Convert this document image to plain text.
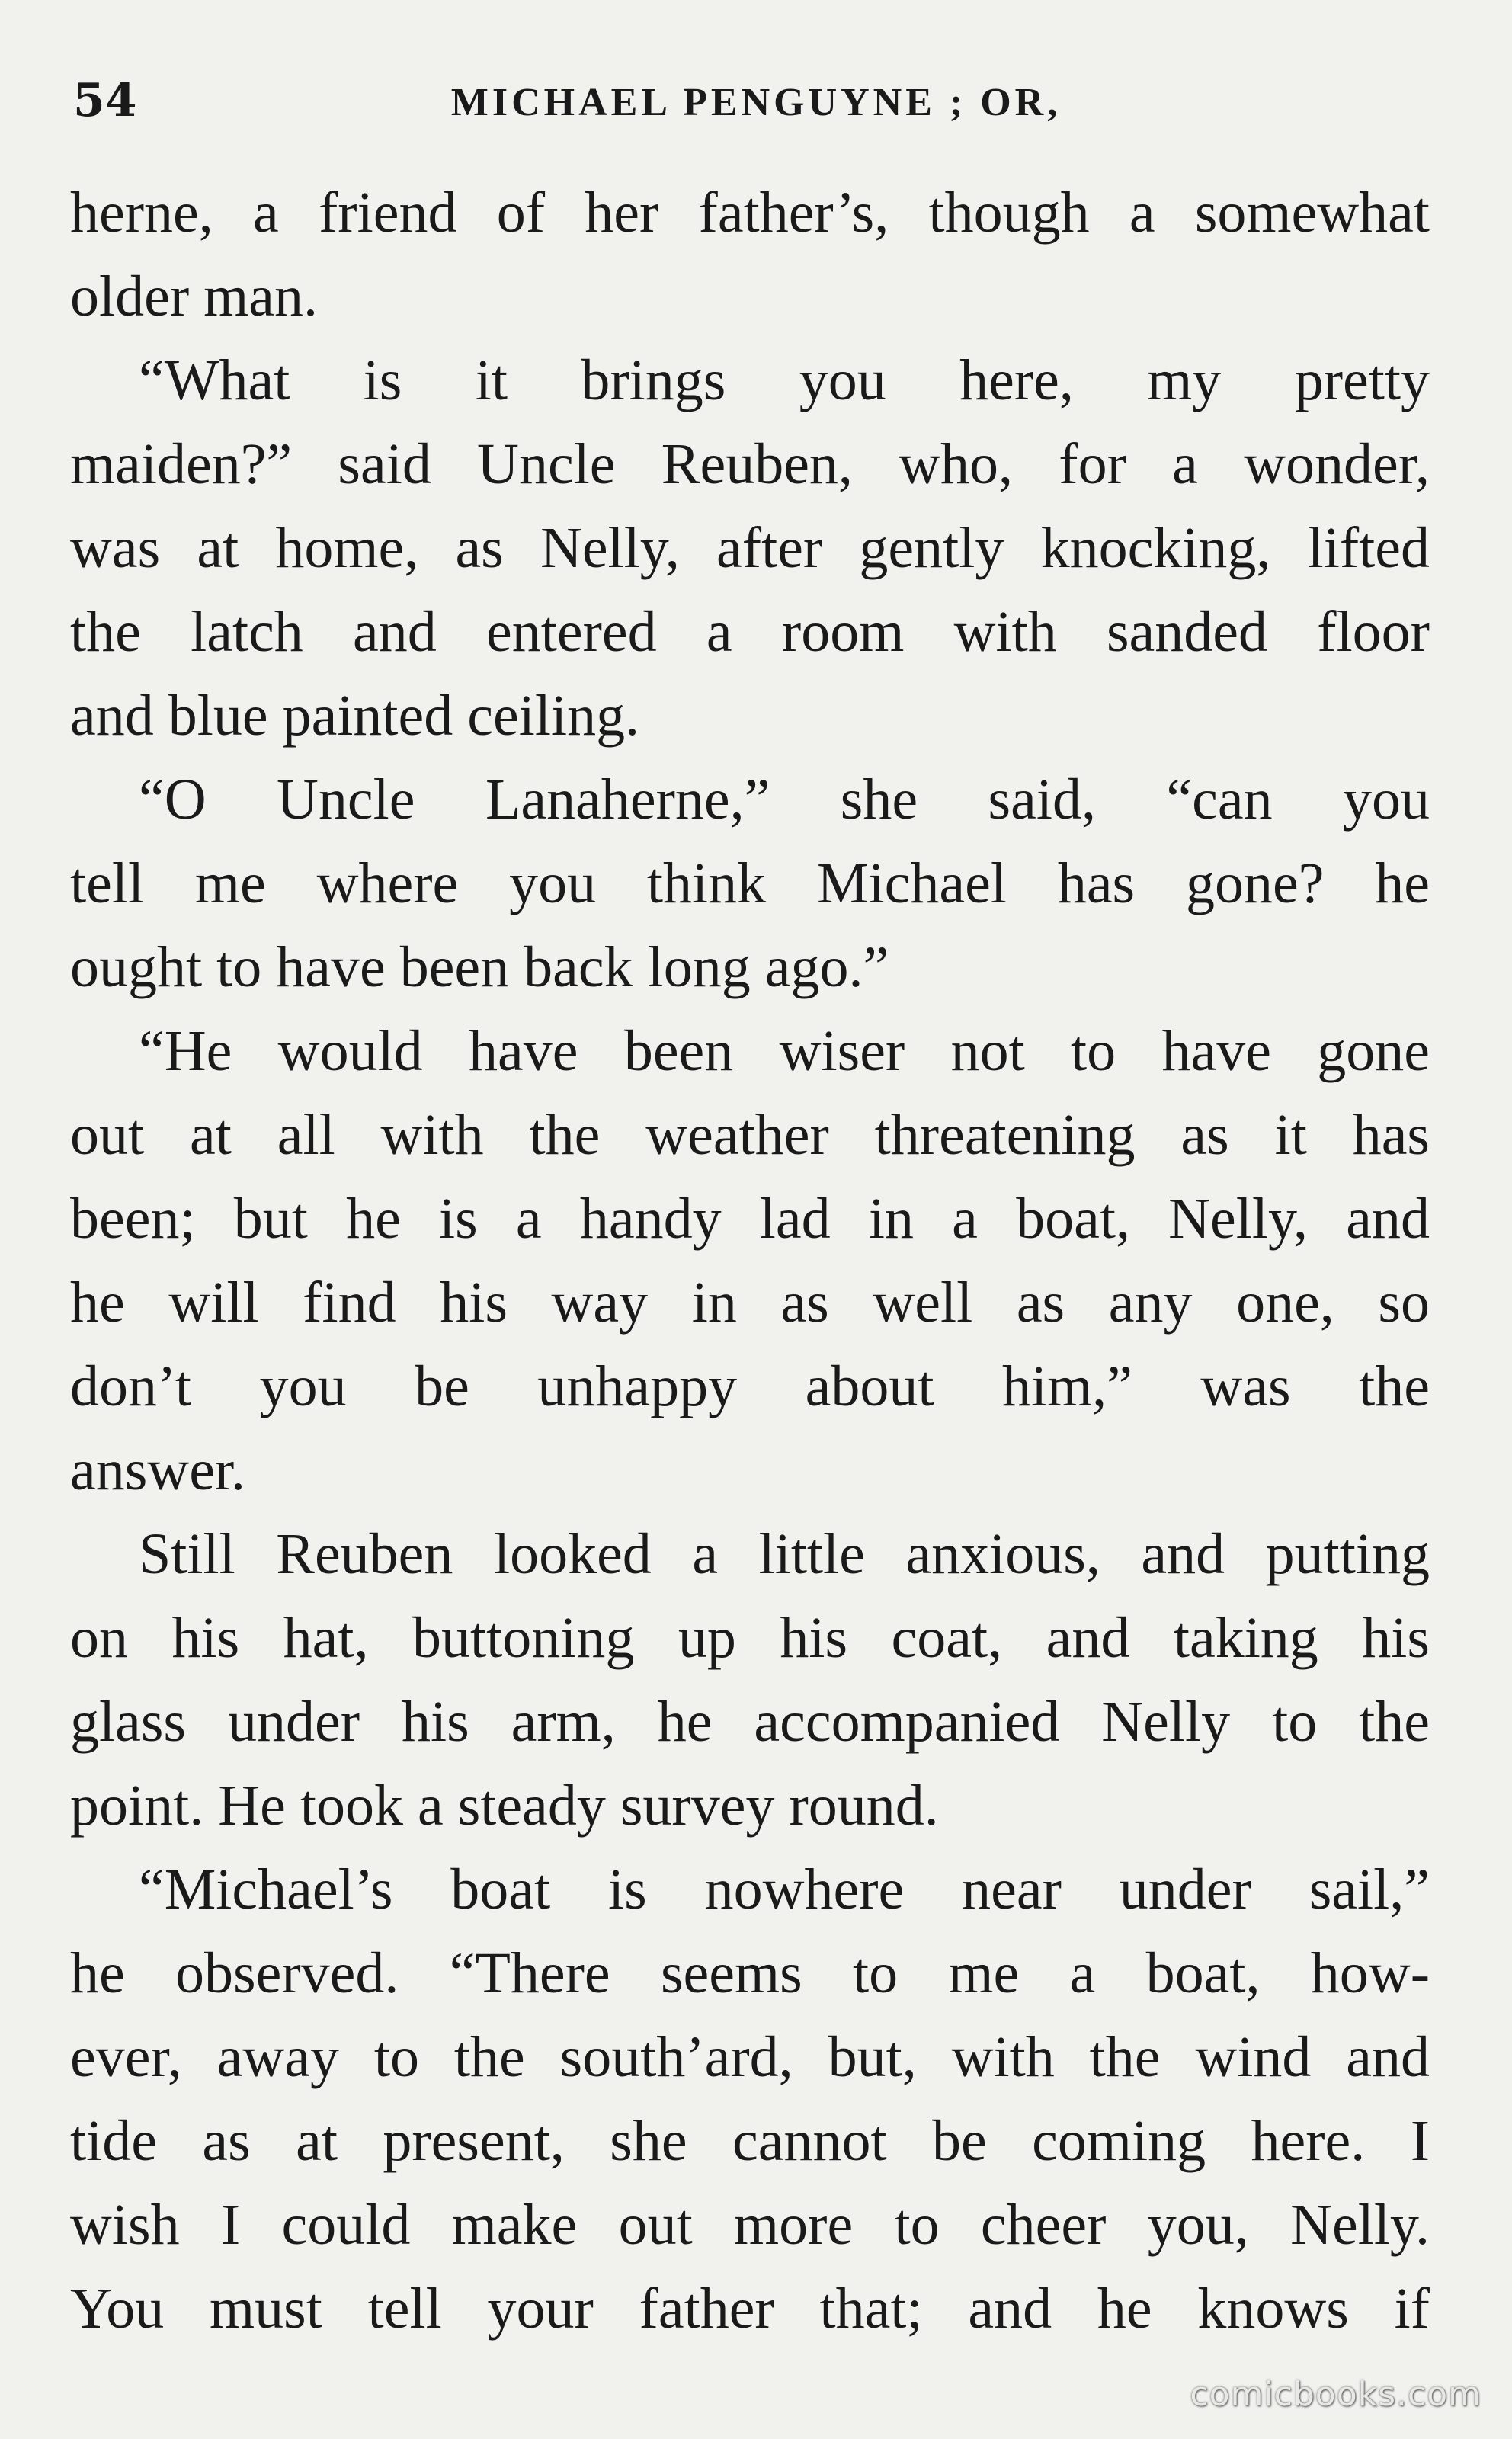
54	MICHAEL PENGUYNE ; OR,
herne, a friend of her father’s, though a somewhat
older man.
“What is it brings you here, my pretty
maiden?” said Uncle Reuben, who, for a wonder,
was at home, as Nelly, after gently knocking, lifted
the latch and entered a room with sanded floor
and blue painted ceiling.
“O Uncle Lanaherne,” she said, “can you
tell me where you think Michael has gone? he
ought to have been back long ago.”
“He would have been wiser not to have gone
out at all with the weather threatening as it has
been; but he is a handy lad in a boat, Nelly, and
he will find his way in as well as any one, so
don’t you be unhappy about him,” was the
answer.
Still Reuben looked a little anxious, and putting
on his hat, buttoning up his coat, and taking his
glass under his arm, he accompanied Nelly to the
point. He took a steady survey round.
“Michael’s boat is nowhere near under sail,”
he observed. “There seems to me a boat, how-
ever, away to the south’ard, but, with the wind and
tide as at present, she cannot be coming here. I
wish I could make out more to cheer you, Nelly.
You must tell your father that; and he knows if
comicbooks.com
